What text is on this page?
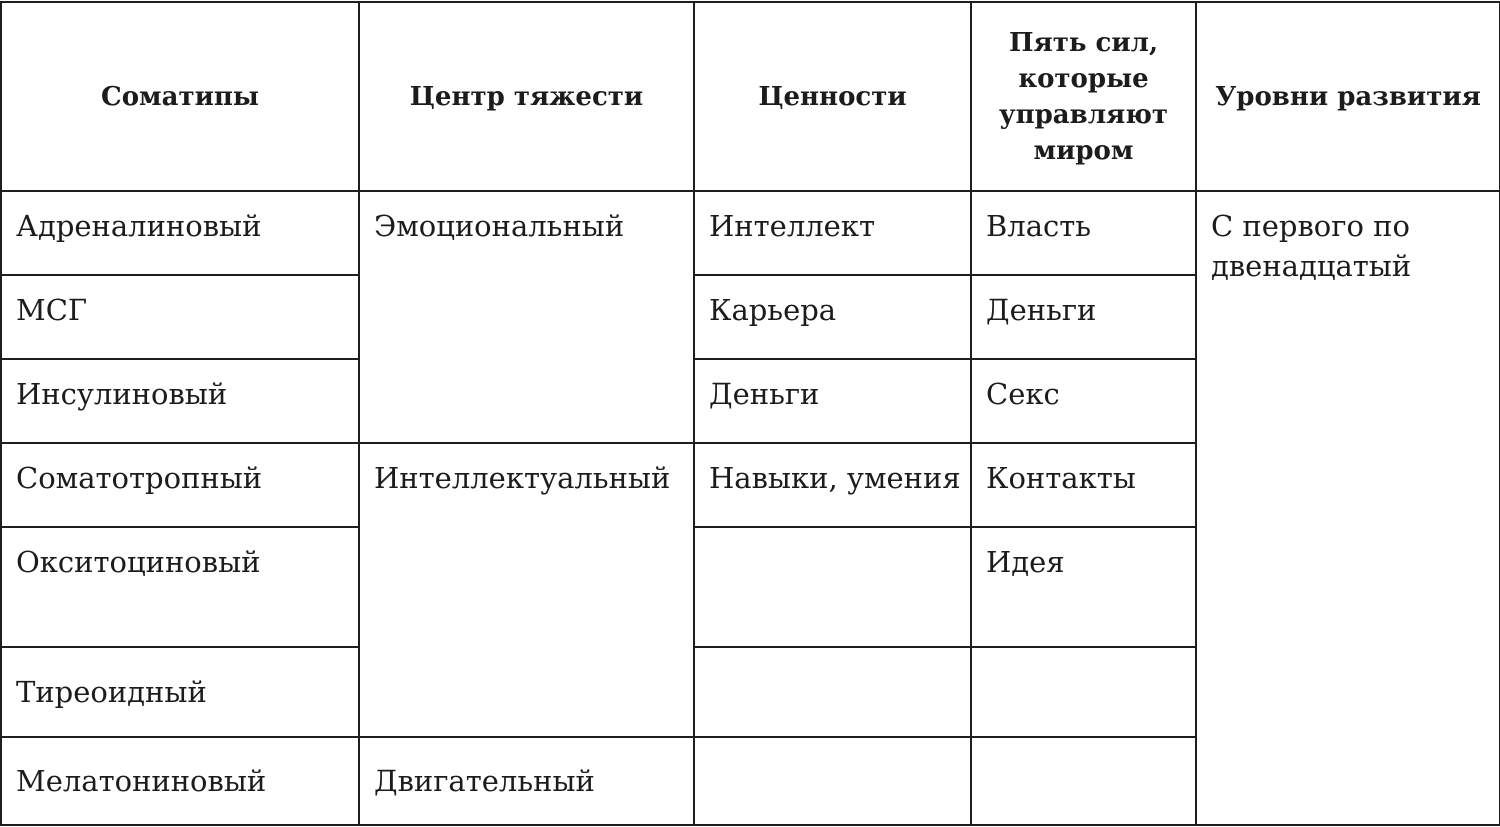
Соматипы	Центр тяжести	Ценности	Пять сил, которые управляют миром	Уровни развития
Адреналиновый	Эмоциональный	Интеллект	Власть	С первого по двенадцатый
МСГ		Карьера	Деньги	
Инсулиновый		Деньги	Секс	
Соматотропный	Интеллектуальный	Навыки, умения	Контакты	
Окситоциновый			Идея	
Тиреоидный				
Мелатониновый	Двигательный			
